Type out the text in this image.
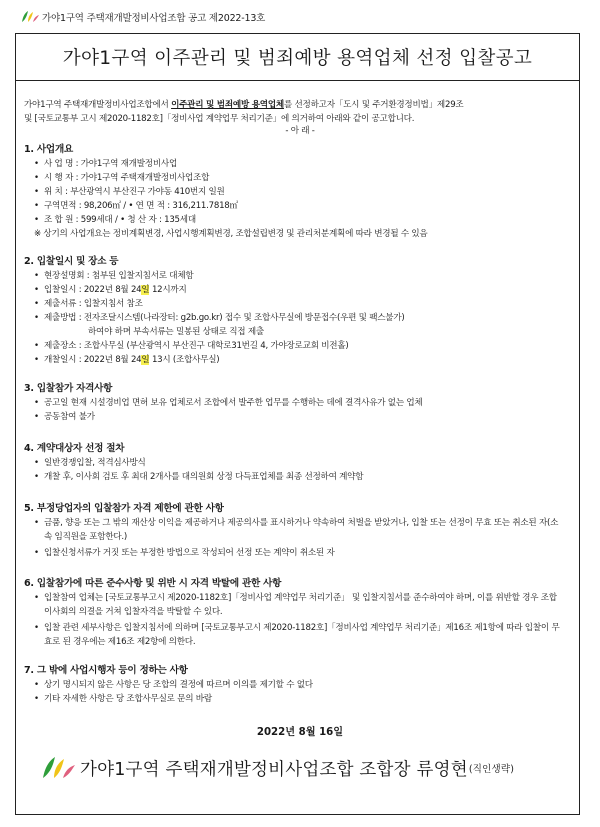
가야1구역 주택재개발정비사업조합 공고 제2022-13호
가야1구역 이주관리 및 범죄예방 용역업체 선정 입찰공고
가야1구역 주택재개발정비사업조합에서 이주관리 및 범죄예방 용역업체를 선정하고자「도시 및 주거환경정비법」제29조
및 [국토교통부 고시 제2020-1182호]「정비사업 계약업무 처리기준」에 의거하여 아래와 같이 공고합니다.
- 아 래 -
1. 사업개요
• 사 업 명 : 가야1구역 재개발정비사업
• 시 행 자 : 가야1구역 주택재개발정비사업조합
• 위 치 : 부산광역시 부산진구 가야동 410번지 일원
• 구역면적 : 98,206㎡ / • 연 면 적 : 316,211.7818㎡
• 조 합 원 : 599세대 / • 청 산 자 : 135세대
※ 상기의 사업개요는 정비계획변경, 사업시행계획변경, 조합설립변경 및 관리처분계획에 따라 변경될 수 있음
2. 입찰일시 및 장소 등
• 현장설명회 : 첨부된 입찰지침서로 대체함
• 입찰일시 : 2022년 8월 24일 12시까지
• 제출서류 : 입찰지침서 참조
• 제출방법 : 전자조달시스템(나라장터: g2b.go.kr) 접수 및 조합사무실에 방문접수(우편 및 팩스불가)
하여야 하며 부속서류는 밀봉된 상태로 직접 제출
• 제출장소 : 조합사무실 (부산광역시 부산진구 대학로31번길 4, 가야장로교회 비전홀)
• 개찰일시 : 2022년 8월 24일 13시 (조합사무실)
3. 입찰참가 자격사항
• 공고일 현재 시설경비업 면허 보유 업체로서 조합에서 발주한 업무를 수행하는 데에 결격사유가 없는 업체
• 공동참여 불가
4. 계약대상자 선정 절차
• 일반경쟁입찰, 적격심사방식
• 개찰 후, 이사회 검토 후 최대 2개사를 대의원회 상정 다득표업체를 최종 선정하여 계약함
5. 부정당업자의 입찰참가 자격 제한에 관한 사항
• 금품, 향응 또는 그 밖의 재산상 이익을 제공하거나 제공의사를 표시하거나 약속하여 처벌을 받았거나, 입찰 또는 선정이 무효 또는 취소된 자(소속 임직원을 포함한다.)
• 입찰신청서류가 거짓 또는 부정한 방법으로 작성되어 선정 또는 계약이 취소된 자
6. 입찰참가에 따른 준수사항 및 위반 시 자격 박탈에 관한 사항
• 입찰참여 업체는 [국토교통부고시 제2020-1182호]「정비사업 계약업무 처리기준」 및 입찰지침서를 준수하여야 하며, 이를 위반할 경우 조합 이사회의 의결을 거쳐 입찰자격을 박탈할 수 있다.
• 입찰 관련 세부사항은 입찰지침서에 의하며 [국토교통부고시 제2020-1182호]「정비사업 계약업무 처리기준」제16조 제1항에 따라 입찰이 무효로 된 경우에는 제16조 제2항에 의한다.
7. 그 밖에 사업시행자 등이 정하는 사항
• 상기 명시되지 않은 사항은 당 조합의 결정에 따르며 이의를 제기할 수 없다
• 기타 자세한 사항은 당 조합사무실로 문의 바람
2022년 8월 16일
가야1구역 주택재개발정비사업조합 조합장 류영현 (직인생략)
